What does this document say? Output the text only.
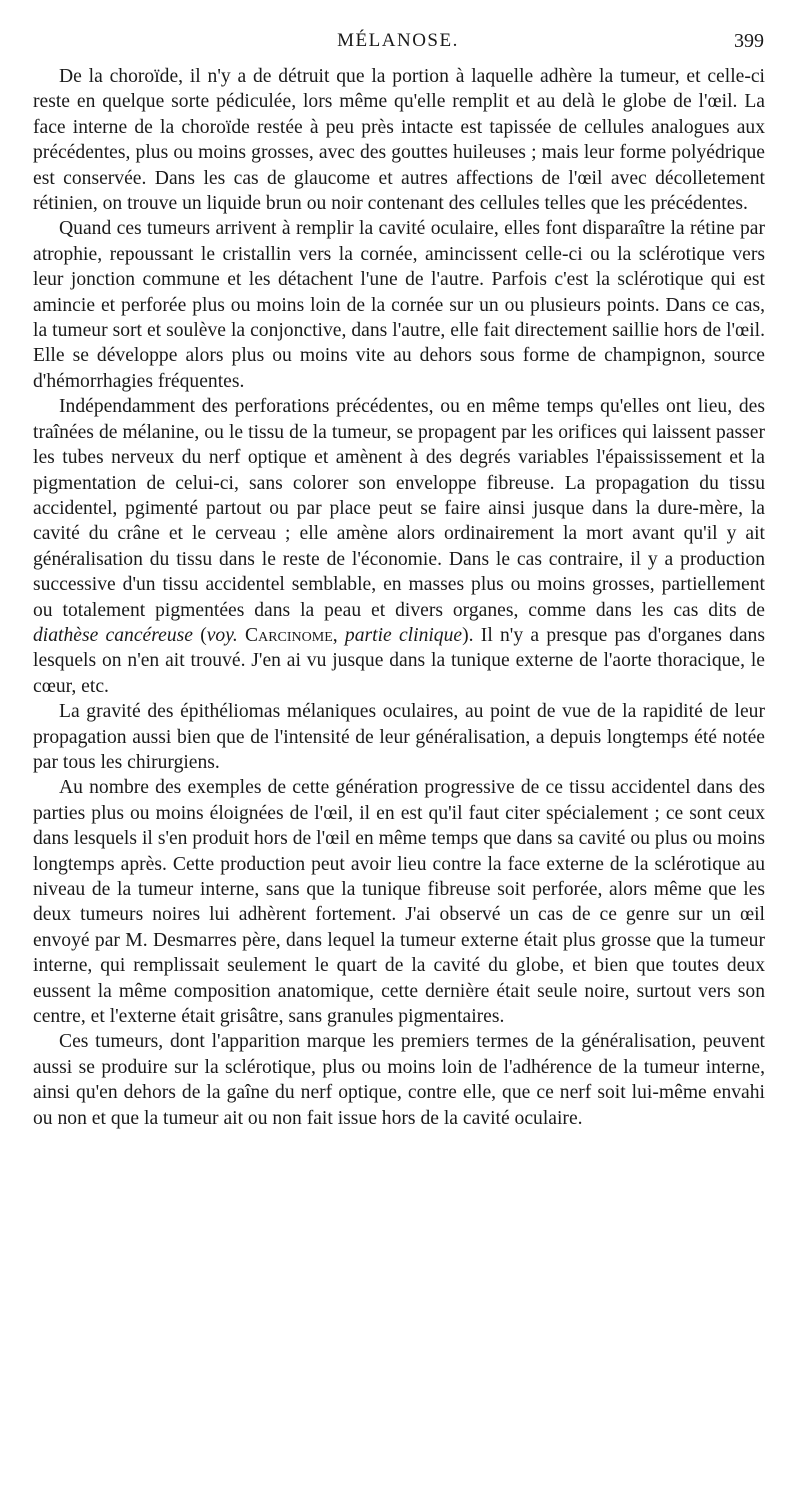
MÉLANOSE.	399

De la choroïde, il n'y a de détruit que la portion à laquelle adhère la tumeur, et celle-ci reste en quelque sorte pédiculée, lors même qu'elle remplit et au delà le globe de l'œil. La face interne de la choroïde restée à peu près intacte est tapissée de cellules analogues aux précédentes, plus ou moins grosses, avec des gouttes huileuses ; mais leur forme polyédrique est conservée. Dans les cas de glaucome et autres affections de l'œil avec décolletement rétinien, on trouve un liquide brun ou noir contenant des cellules telles que les précédentes.

Quand ces tumeurs arrivent à remplir la cavité oculaire, elles font disparaître la rétine par atrophie, repoussant le cristallin vers la cornée, amincissent celle-ci ou la sclérotique vers leur jonction commune et les détachent l'une de l'autre. Parfois c'est la sclérotique qui est amincie et perforée plus ou moins loin de la cornée sur un ou plusieurs points. Dans ce cas, la tumeur sort et soulève la conjonctive, dans l'autre, elle fait directement saillie hors de l'œil. Elle se développe alors plus ou moins vite au dehors sous forme de champignon, source d'hémorrhagies fréquentes.

Indépendamment des perforations précédentes, ou en même temps qu'elles ont lieu, des traînées de mélanine, ou le tissu de la tumeur, se propagent par les orifices qui laissent passer les tubes nerveux du nerf optique et amènent à des degrés variables l'épaississement et la pigmentation de celui-ci, sans colorer son enveloppe fibreuse. La propagation du tissu accidentel, pgimenté partout ou par place peut se faire ainsi jusque dans la dure-mère, la cavité du crâne et le cerveau ; elle amène alors ordinairement la mort avant qu'il y ait généralisation du tissu dans le reste de l'économie. Dans le cas contraire, il y a production successive d'un tissu accidentel semblable, en masses plus ou moins grosses, partiellement ou totalement pigmentées dans la peau et divers organes, comme dans les cas dits de diathèse cancéreuse (voy. Carcinome, partie clinique). Il n'y a presque pas d'organes dans lesquels on n'en ait trouvé. J'en ai vu jusque dans la tunique externe de l'aorte thoracique, le cœur, etc.

La gravité des épithéliomas mélaniques oculaires, au point de vue de la rapidité de leur propagation aussi bien que de l'intensité de leur généralisation, a depuis longtemps été notée par tous les chirurgiens.

Au nombre des exemples de cette génération progressive de ce tissu accidentel dans des parties plus ou moins éloignées de l'œil, il en est qu'il faut citer spécialement ; ce sont ceux dans lesquels il s'en produit hors de l'œil en même temps que dans sa cavité ou plus ou moins longtemps après. Cette production peut avoir lieu contre la face externe de la sclérotique au niveau de la tumeur interne, sans que la tunique fibreuse soit perforée, alors même que les deux tumeurs noires lui adhèrent fortement. J'ai observé un cas de ce genre sur un œil envoyé par M. Desmarres père, dans lequel la tumeur externe était plus grosse que la tumeur interne, qui remplissait seulement le quart de la cavité du globe, et bien que toutes deux eussent la même composition anatomique, cette dernière était seule noire, surtout vers son centre, et l'externe était grisâtre, sans granules pigmentaires.

Ces tumeurs, dont l'apparition marque les premiers termes de la généralisation, peuvent aussi se produire sur la sclérotique, plus ou moins loin de l'adhérence de la tumeur interne, ainsi qu'en dehors de la gaîne du nerf optique, contre elle, que ce nerf soit lui-même envahi ou non et que la tumeur ait ou non fait issue hors de la cavité oculaire.
